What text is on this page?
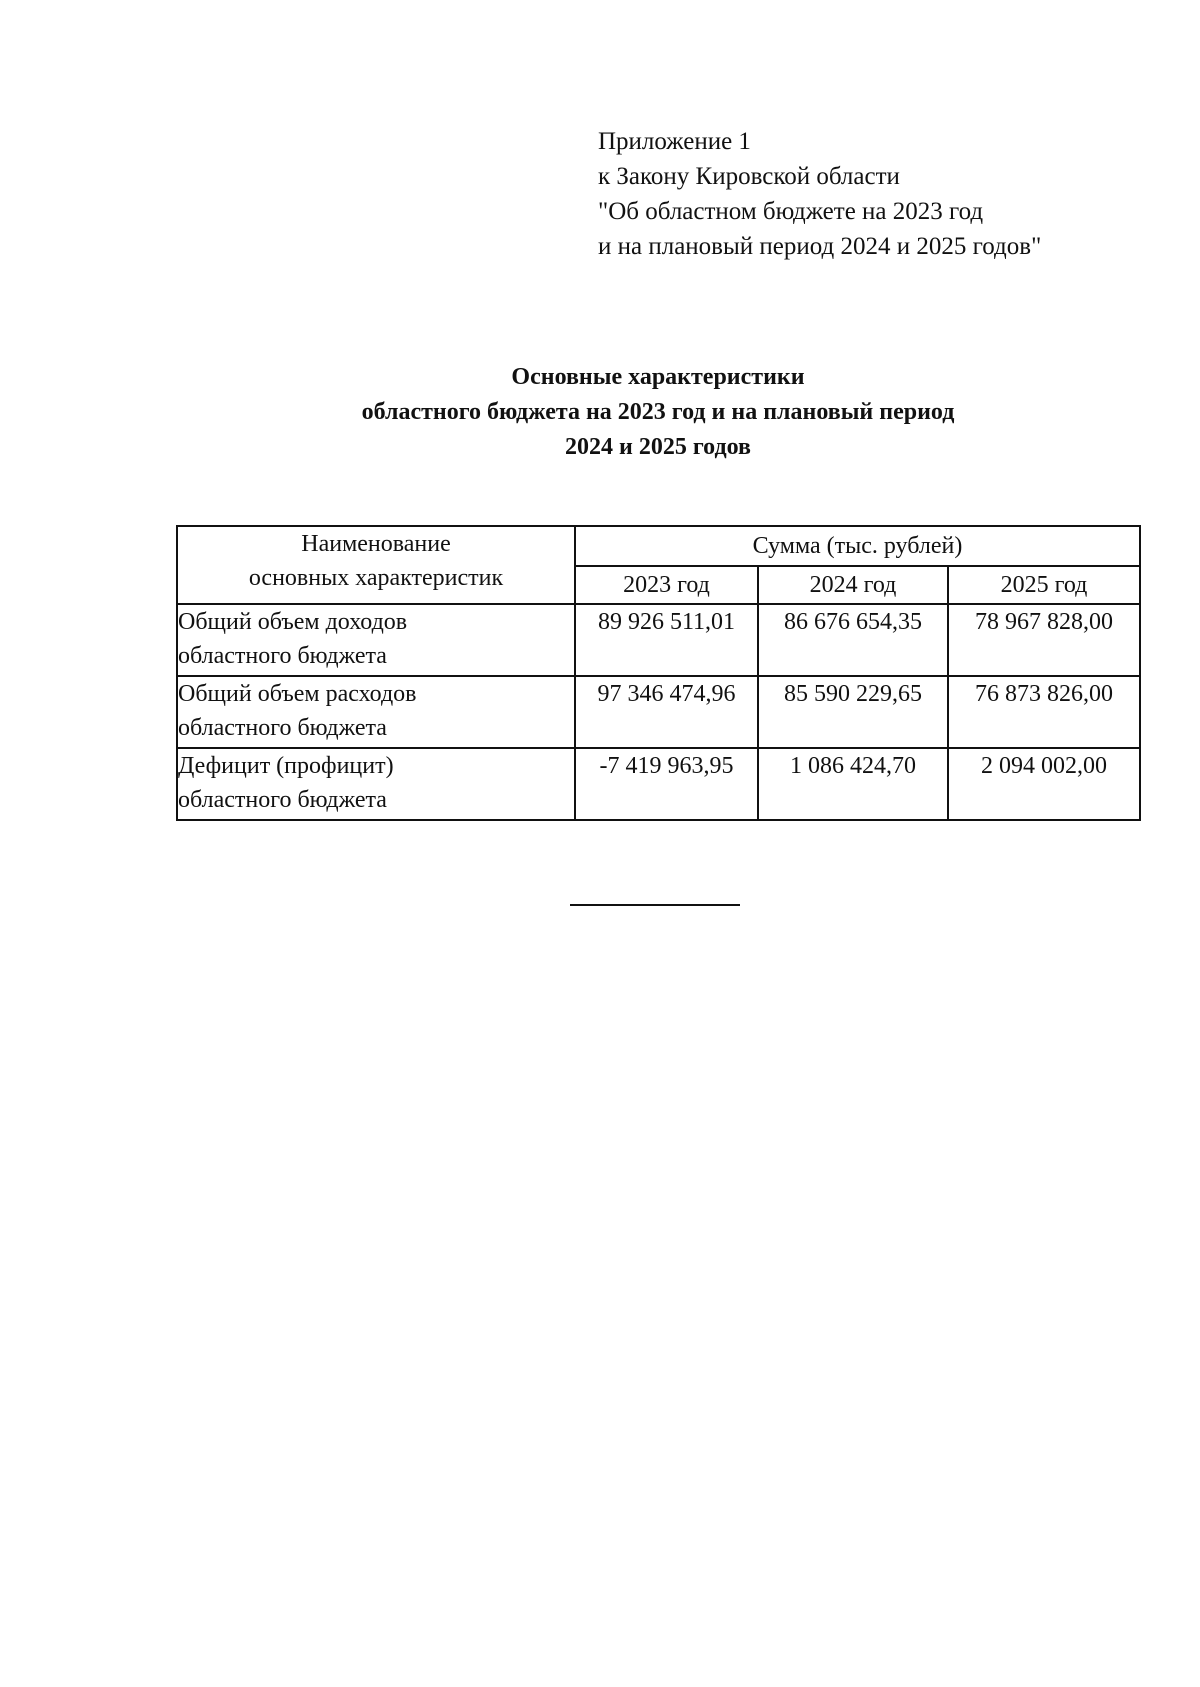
Приложение 1
к Закону Кировской области
"Об областном бюджете на 2023 год
и на плановый период 2024 и 2025 годов"
Основные характеристики
областного бюджета на 2023 год и на плановый период
2024 и 2025 годов
Наименование
основных характеристик	Сумма (тыс. рублей)		
	2023 год	2024 год	2025 год

Общий объем доходов
областного бюджета	89 926 511,01	86 676 654,35	78 967 828,00

Общий объем расходов
областного бюджета	97 346 474,96	85 590 229,65	76 873 826,00

Дефицит (профицит)
областного бюджета	-7 419 963,95	1 086 424,70	2 094 002,00
